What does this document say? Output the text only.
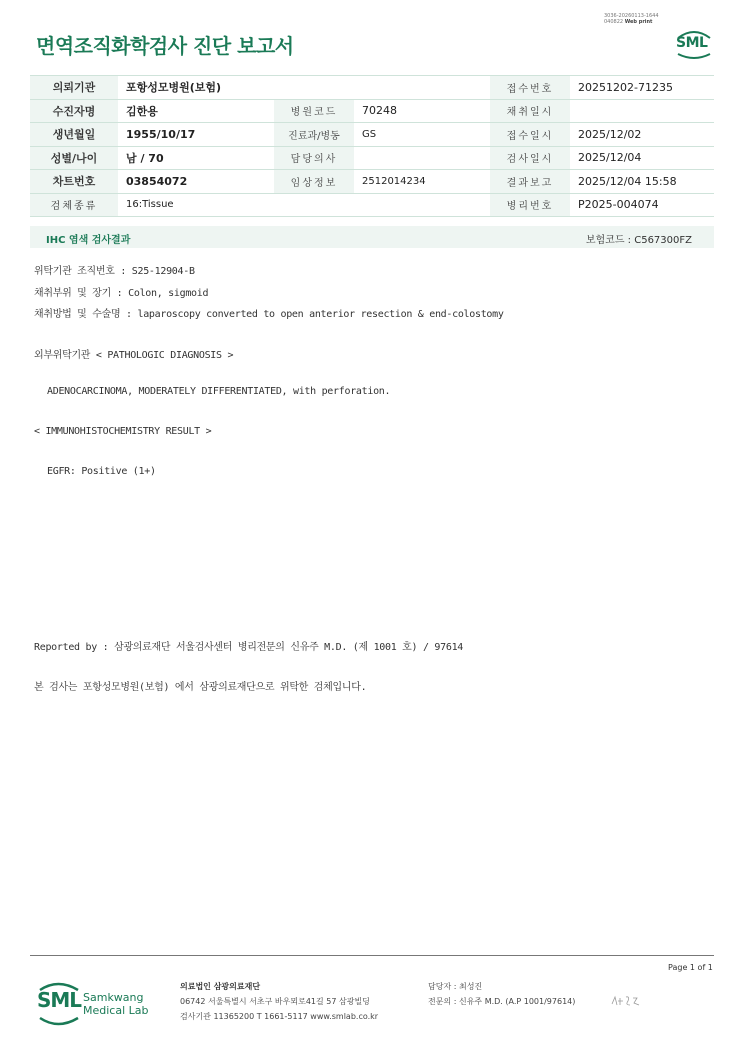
3036-20260113-1644
040822 Web print
면역조직화학검사 진단 보고서	SML
의뢰기관	포항성모병원(보험)			접수번호	20251202-71235
수진자명	김한용	병원코드	70248	채취일시	
생년월일	1955/10/17	진료과/병동	GS	접수일시	2025/12/02
성별/나이	남 / 70	담당의사		검사일시	2025/12/04
차트번호	03854072	임상정보	2512014234	결과보고	2025/12/04 15:58
검체종류	16:Tissue			병리번호	P2025-004074
IHC 염색 검사결과	보험코드 : C567300FZ
위탁기관 조직번호 : S25-12904-B
채취부위 및 장기 : Colon, sigmoid
채취방법 및 수술명 : laparoscopy converted to open anterior resection & end-colostomy
외부위탁기관 < PATHOLOGIC DIAGNOSIS >
ADENOCARCINOMA, MODERATELY DIFFERENTIATED, with perforation.
< IMMUNOHISTOCHEMISTRY RESULT >
EGFR: Positive (1+)
Reported by : 삼광의료재단 서울검사센터 병리전문의 신유주 M.D. (제 1001 호) / 97614
본 검사는 포항성모병원(보험) 에서 삼광의료재단으로 위탁한 검체입니다.
Page 1 of 1
SML Samkwang
Medical Lab
의료법인 삼광의료재단
06742 서울특별시 서초구 바우뫼로41길 57 삼광빌딩
검사기관 11365200 T 1661-5117 www.smlab.co.kr
담당자 : 최성진
전문의 : 신유주 M.D. (A.P 1001/97614)
